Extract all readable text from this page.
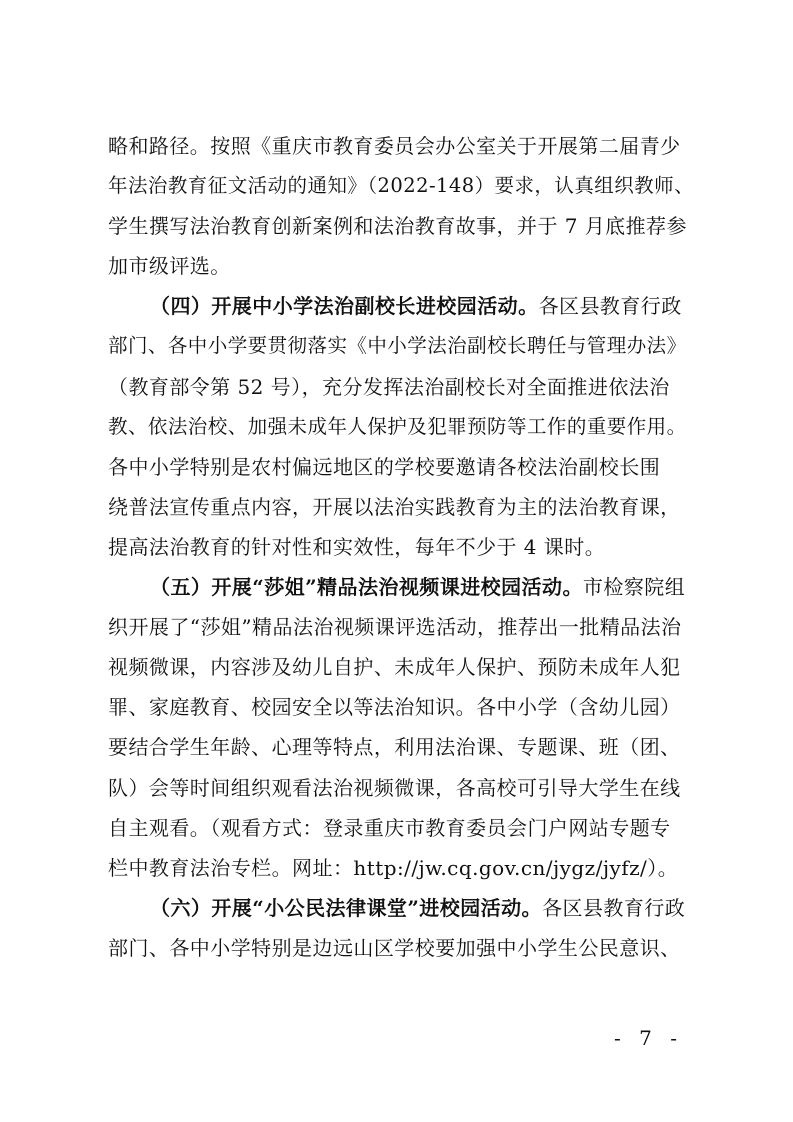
略和路径。按照《重庆市教育委员会办公室关于开展第二届青少
年法治教育征文活动的通知》（2022-148）要求，认真组织教师、
学生撰写法治教育创新案例和法治教育故事，并于 7 月底推荐参
加市级评选。
（四）开展中小学法治副校长进校园活动。各区县教育行政
部门、各中小学要贯彻落实《中小学法治副校长聘任与管理办法》
（教育部令第 52 号），充分发挥法治副校长对全面推进依法治
教、依法治校、加强未成年人保护及犯罪预防等工作的重要作用。
各中小学特别是农村偏远地区的学校要邀请各校法治副校长围
绕普法宣传重点内容，开展以法治实践教育为主的法治教育课，
提高法治教育的针对性和实效性，每年不少于 4 课时。
（五）开展“莎姐”精品法治视频课进校园活动。市检察院组
织开展了“莎姐”精品法治视频课评选活动，推荐出一批精品法治
视频微课，内容涉及幼儿自护、未成年人保护、预防未成年人犯
罪、家庭教育、校园安全以等法治知识。各中小学（含幼儿园）
要结合学生年龄、心理等特点，利用法治课、专题课、班（团、
队）会等时间组织观看法治视频微课，各高校可引导大学生在线
自主观看。（观看方式：登录重庆市教育委员会门户网站专题专
栏中教育法治专栏。网址：http://jw.cq.gov.cn/jygz/jyfz/）。
（六）开展“小公民法律课堂”进校园活动。各区县教育行政
部门、各中小学特别是边远山区学校要加强中小学生公民意识、
- 7 -
